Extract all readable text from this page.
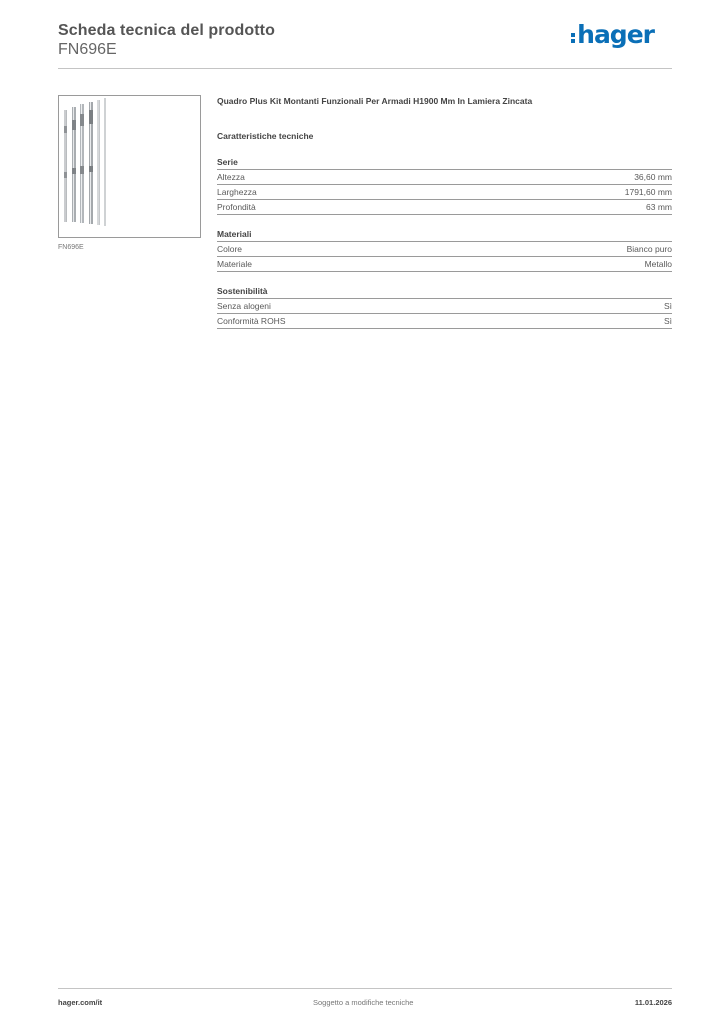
Scheda tecnica del prodotto
FN696E
hager
FN696E
Quadro Plus Kit Montanti Funzionali Per Armadi H1900 Mm In Lamiera Zincata
Caratteristiche tecniche
Serie
Altezza	36,60 mm
Larghezza	1791,60 mm
Profondità	63 mm
Materiali
Colore	Bianco puro
Materiale	Metallo
Sostenibilità
Senza alogeni	Sì
Conformità ROHS	Sì
hager.com/it	Soggetto a modifiche tecniche	11.01.2026
